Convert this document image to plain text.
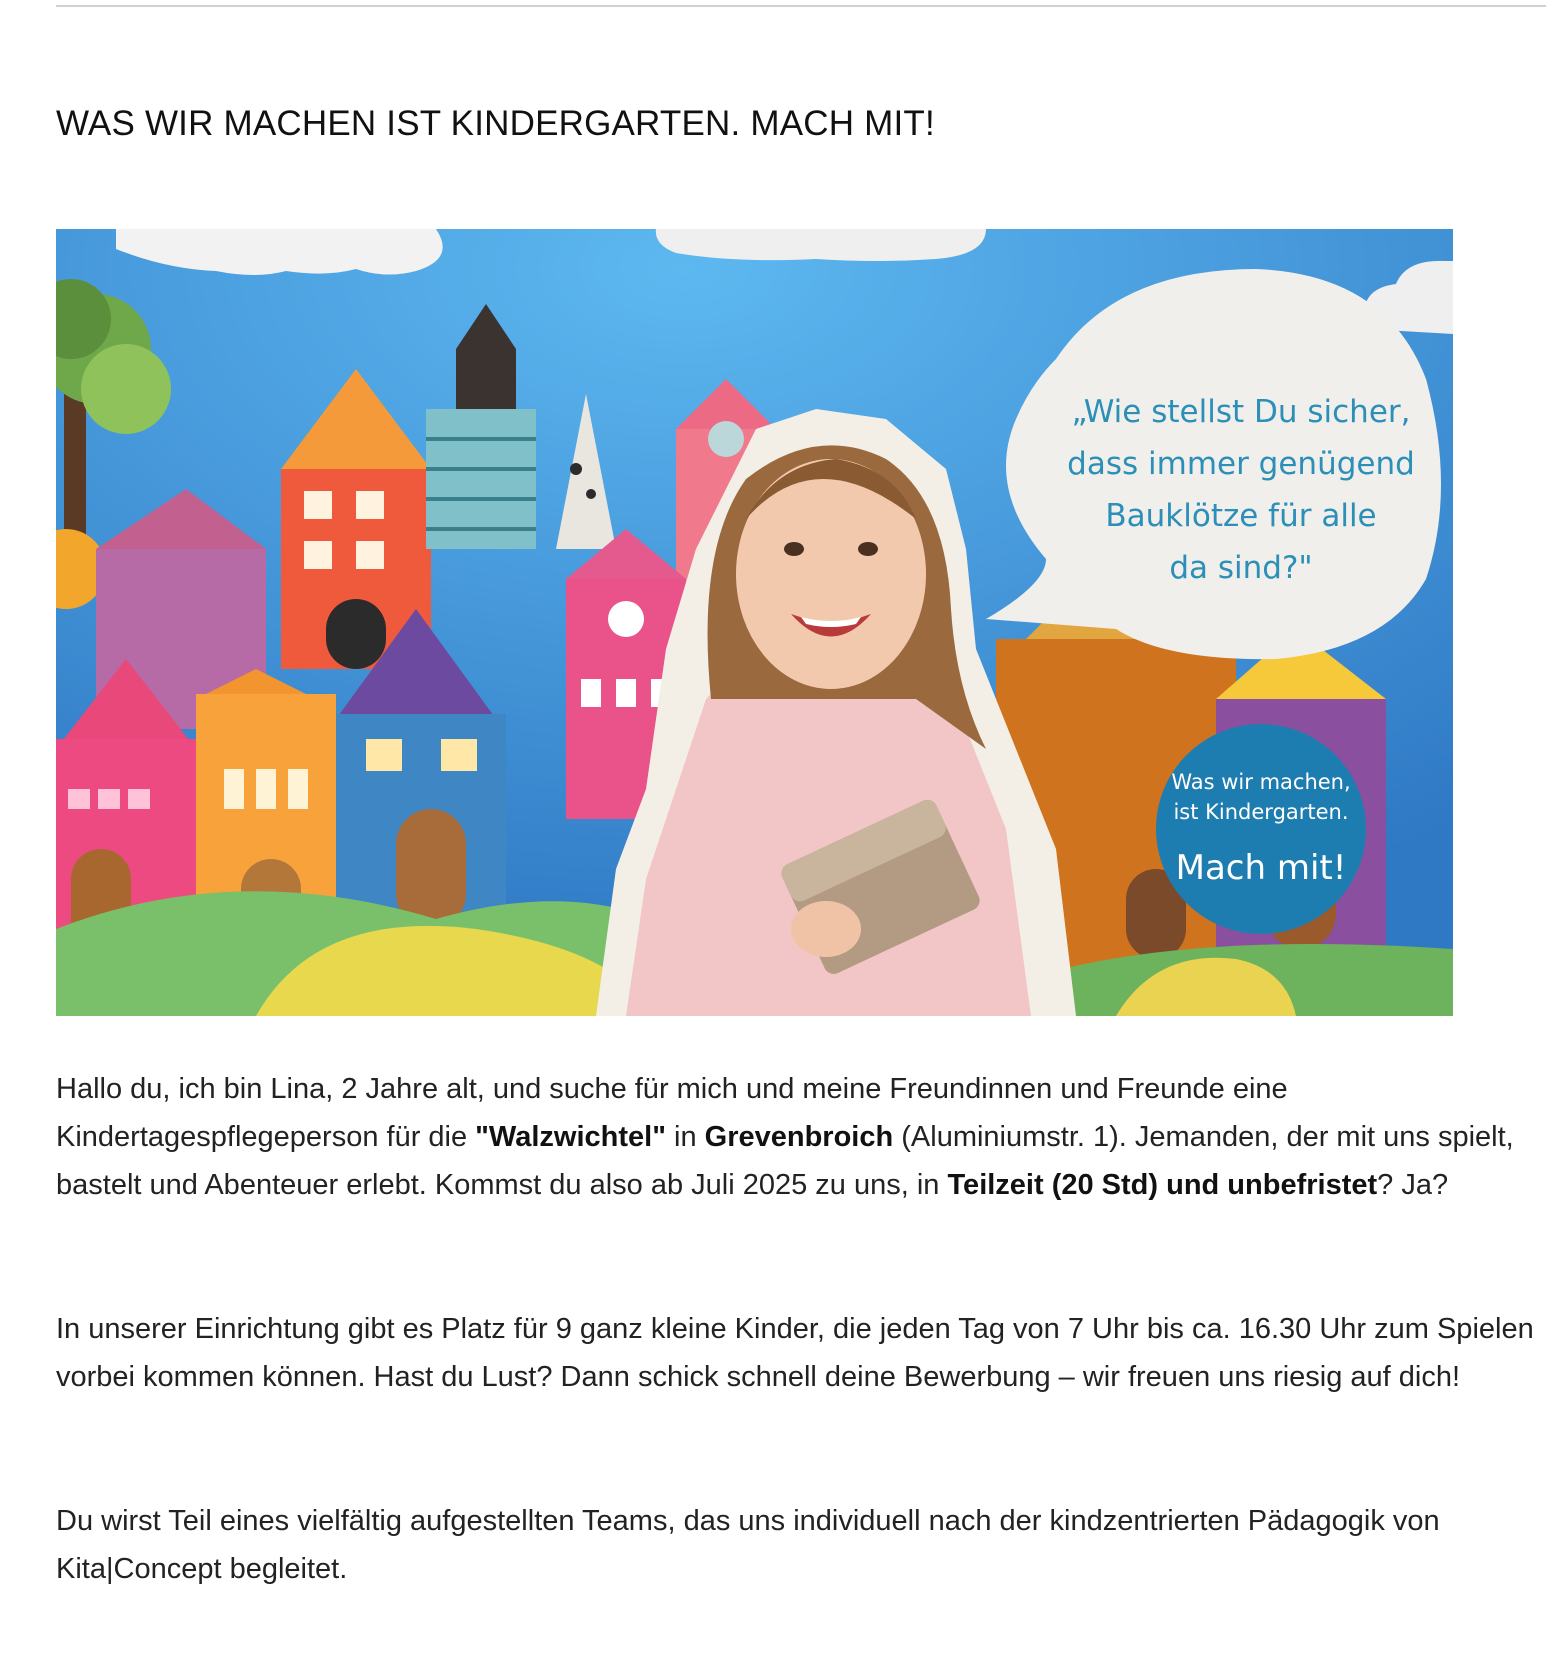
WAS WIR MACHEN IST KINDERGARTEN. MACH MIT!
„Wie stellst Du sicher,
dass immer genügend
Bauklötze für alle
da sind?"
Was wir machen,
ist Kindergarten.
Mach mit!

Hallo du, ich bin Lina, 2 Jahre alt, und suche für mich und meine Freundinnen und Freunde eine Kindertagespflegeperson für die "Walzwichtel" in Grevenbroich (Aluminiumstr. 1). Jemanden, der mit uns spielt, bastelt und Abenteuer erlebt. Kommst du also ab Juli 2025 zu uns, in Teilzeit (20 Std) und unbefristet? Ja?

In unserer Einrichtung gibt es Platz für 9 ganz kleine Kinder, die jeden Tag von 7 Uhr bis ca. 16.30 Uhr zum Spielen vorbei kommen können. Hast du Lust? Dann schick schnell deine Bewerbung – wir freuen uns riesig auf dich!

Du wirst Teil eines vielfältig aufgestellten Teams, das uns individuell nach der kindzentrierten Pädagogik von Kita|Concept begleitet.
